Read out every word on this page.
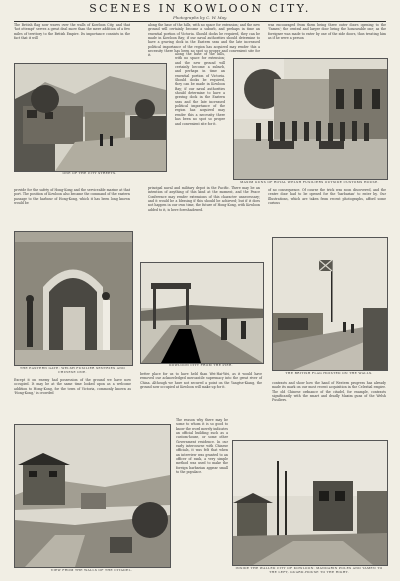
SCENES IN KOWLOON CITY.
Photographs by C. W. May.
The British flag now waves over the walls of Kowloon City, and that 'hot ottempt' serves a great deal more than the mere addition of a few miles of territory to the British Empire. Its importance consists in the fact that it will
along the base of the hills, with no space for extension; and the new ground will certainly become a suburb, and perhaps in time an essential portion of Victoria. Should docks be required, they can be made in Kowloon Bay; if our naval authorities should determine to have a graving dock in the Eastern seas and the late increased political importance of the region has acquired may render this a necessity there has been no spot so proper and convenient site for it.
was encouraged from them being three outer doors opening to the 'Yamen'; the central and larger door being the honourable one; as the foreigner was made to enter by one of the side doors, thus treating him as if he were a person
ONE OF THE CITY STREETS.
along the base of the hills, with no space for extension; and the new ground will certainly become a suburb, and perhaps in time an essential portion of Victoria. Should docks be required, they can be made in Kowloon Bay; if our naval authorities should determine to have a graving dock in the Eastern seas and the late increased political importance of the region has acquired may render this a necessity there has been no spot so proper and convenient site for it.
MAXIM GUNS OF ROYAL WELSH FUSILIERS OUTSIDE CUSTOMS HOUSE.
provide for the safety of Hong-Kong and the serviceable marine at that port. The position of Kowloon also became the command of the eastern passage to the harbour of Hong-Kong, which it has been long known would be
principal naval and military depot in the Pacific. There may be an intention of anything of this kind at the moment, and the Peace Conference may render extensions of this character unnecessary; and it would be a blessing if this should be achieved; but if it does not happen in our own time, the future of Hong-Kong, with Kowloon added to it, is here foreshadowed.
of no consequence. Of course the trick was soon discovered, and the centre door had to be opened for the 'barbarian' to enter by. Our Illustrations, which are taken from recent photographs, afford some curious
THE EASTERN GATE: WELSH FUSILIER SENTRIES AND CHINESE ONE.
KOWLOON CITY FROM THE PIER.
THE BRITISH FLAG HOISTED ON THE WALLS.
Except it on enemy had possession of the ground we have now occupied. It may be at the same time looked upon as a welcome addition to Hong-Kong, for the town of Victoria, commonly known as 'Hong-Kong,' is crowded
better place for us to have held than Wei-Hai-Wei, as it would have removed our acknowledged mercantile supremacy into the great river of China. Although we have not secured a point on the Yangtse-Kiang, the ground now occupied at Kowloon will make up for it.
contrasts and show how the hand of Western progress has already made its mark on our most recent acquisition in the Celestial empire. The old Chinese ordnance of the citadel, for example, contrasts significantly with the smart and deadly Maxim guns of the Welsh Fusiliers.
VIEW FROM THE WALLS OF THE CITADEL.
The reason why there may be some to whom it is so good to know the word merely indicates an official building such as a custom-house, or some other Government residence. In our early intercourse with Chinese officials, it was felt that when an interview was granted to an officer of rank, a very simple method was used to make the foreign barbarian appear small to the populace.
INSIDE THE WALLED CITY OF KOWLOON: MANDARIN POLES AND YAMEN TO THE LEFT, GUARD-HOUSE TO THE RIGHT.
